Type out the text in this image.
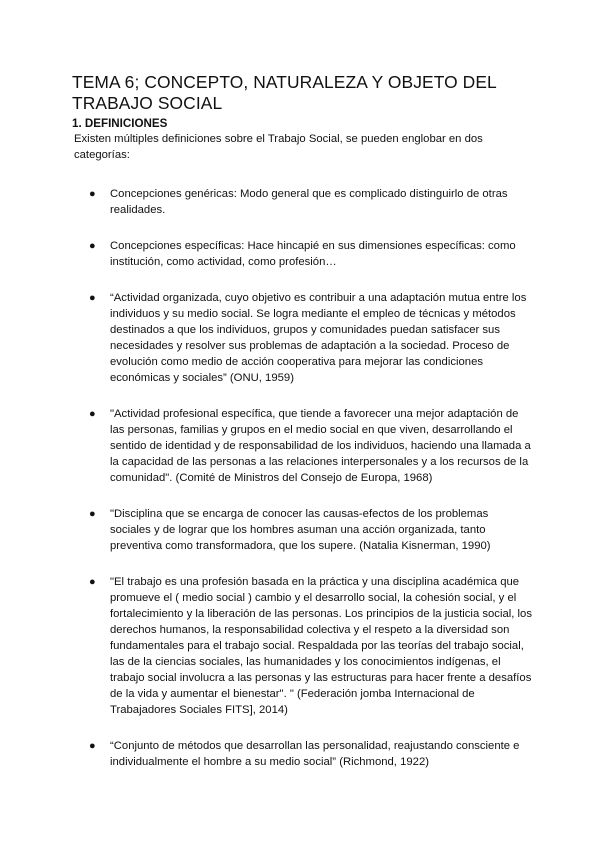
TEMA 6; CONCEPTO, NATURALEZA Y OBJETO DEL TRABAJO SOCIAL
1. DEFINICIONES

Existen múltiples definiciones sobre el Trabajo Social, se pueden englobar en dos categorías:

● Concepciones genéricas: Modo general que es complicado distinguirlo de otras realidades.
● Concepciones específicas: Hace hincapié en sus dimensiones específicas: como institución, como actividad, como profesión…
● “Actividad organizada, cuyo objetivo es contribuir a una adaptación mutua entre los individuos y su medio social. Se logra mediante el empleo de técnicas y métodos destinados a que los individuos, grupos y comunidades puedan satisfacer sus necesidades y resolver sus problemas de adaptación a la sociedad. Proceso de evolución como medio de acción cooperativa para mejorar las condiciones económicas y sociales” (ONU, 1959)
● "Actividad profesional específica, que tiende a favorecer una mejor adaptación de las personas, familias y grupos en el medio social en que viven, desarrollando el sentido de identidad y de responsabilidad de los individuos, haciendo una llamada a la capacidad de las personas a las relaciones interpersonales y a los recursos de la comunidad". (Comité de Ministros del Consejo de Europa, 1968)
● "Disciplina que se encarga de conocer las causas-efectos de los problemas sociales y de lograr que los hombres asuman una acción organizada, tanto preventiva como transformadora, que los supere. (Natalia Kisnerman, 1990)
● "El trabajo es una profesión basada en la práctica y una disciplina académica que promueve el ( medio social ) cambio y el desarrollo social, la cohesión social, y el fortalecimiento y la liberación de las personas. Los principios de la justicia social, los derechos humanos, la responsabilidad colectiva y el respeto a la diversidad son fundamentales para el trabajo social. Respaldada por las teorías del trabajo social, las de la ciencias sociales, las humanidades y los conocimientos indígenas, el trabajo social involucra a las personas y las estructuras para hacer frente a desafíos de la vida y aumentar el bienestar". " (Federación jomba Internacional de Trabajadores Sociales FITS], 2014)
● “Conjunto de métodos que desarrollan las personalidad, reajustando consciente e individualmente el hombre a su medio social” (Richmond, 1922)
